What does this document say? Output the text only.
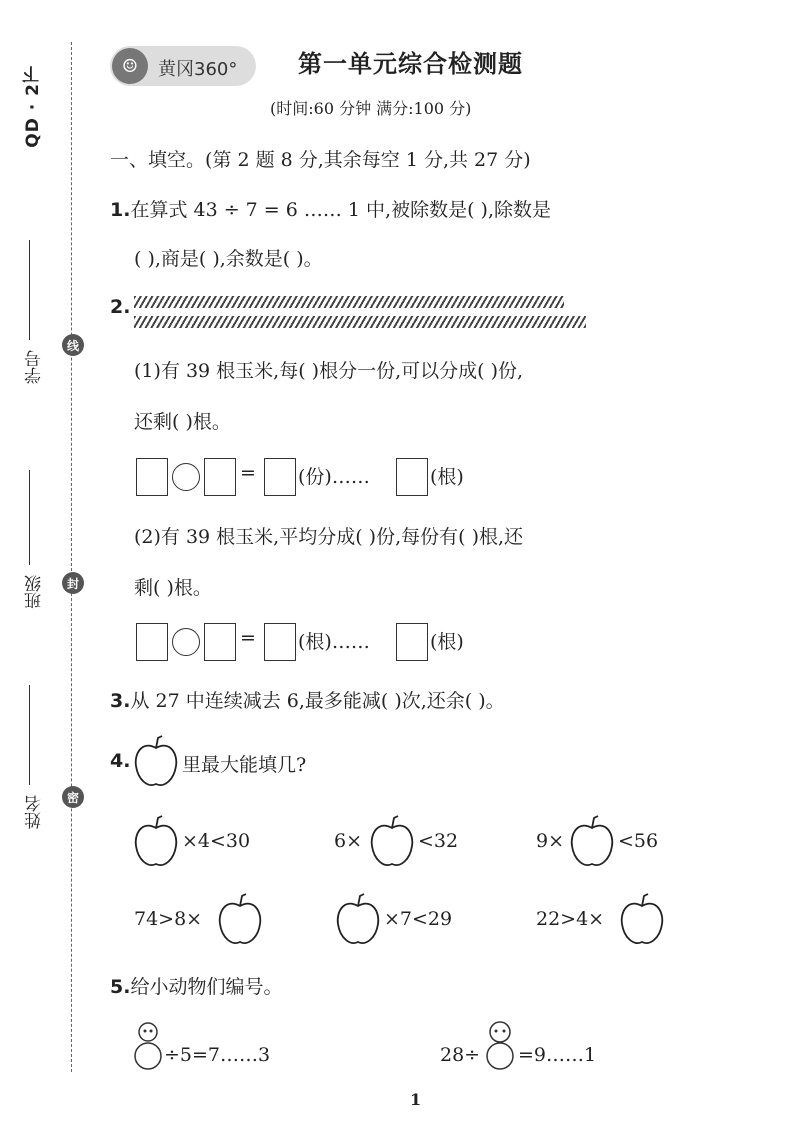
QD · 2下
学号
班级
姓名
线
封
密
☺	黄冈360°	第一单元综合检测题
(时间:60 分钟 满分:100 分)
一、填空。(第 2 题 8 分,其余每空 1 分,共 27 分)
1.在算式 43 ÷ 7 = 6 …… 1 中,被除数是( ),除数是
( ),商是( ),余数是( )。
2.
(1)有 39 根玉米,每( )根分一份,可以分成( )份,
还剩( )根。
= (份)……	(根)
(2)有 39 根玉米,平均分成( )份,每份有( )根,还
剩( )根。
= (根)……	(根)
3.从 27 中连续减去 6,最多能减( )次,还余( )。
4.	里最大能填几?
×4<30	6×	<32	9×	<56
74>8×	×7<29	22>4×
5.给小动物们编号。
÷5=7……3	28÷ =9……1
1
